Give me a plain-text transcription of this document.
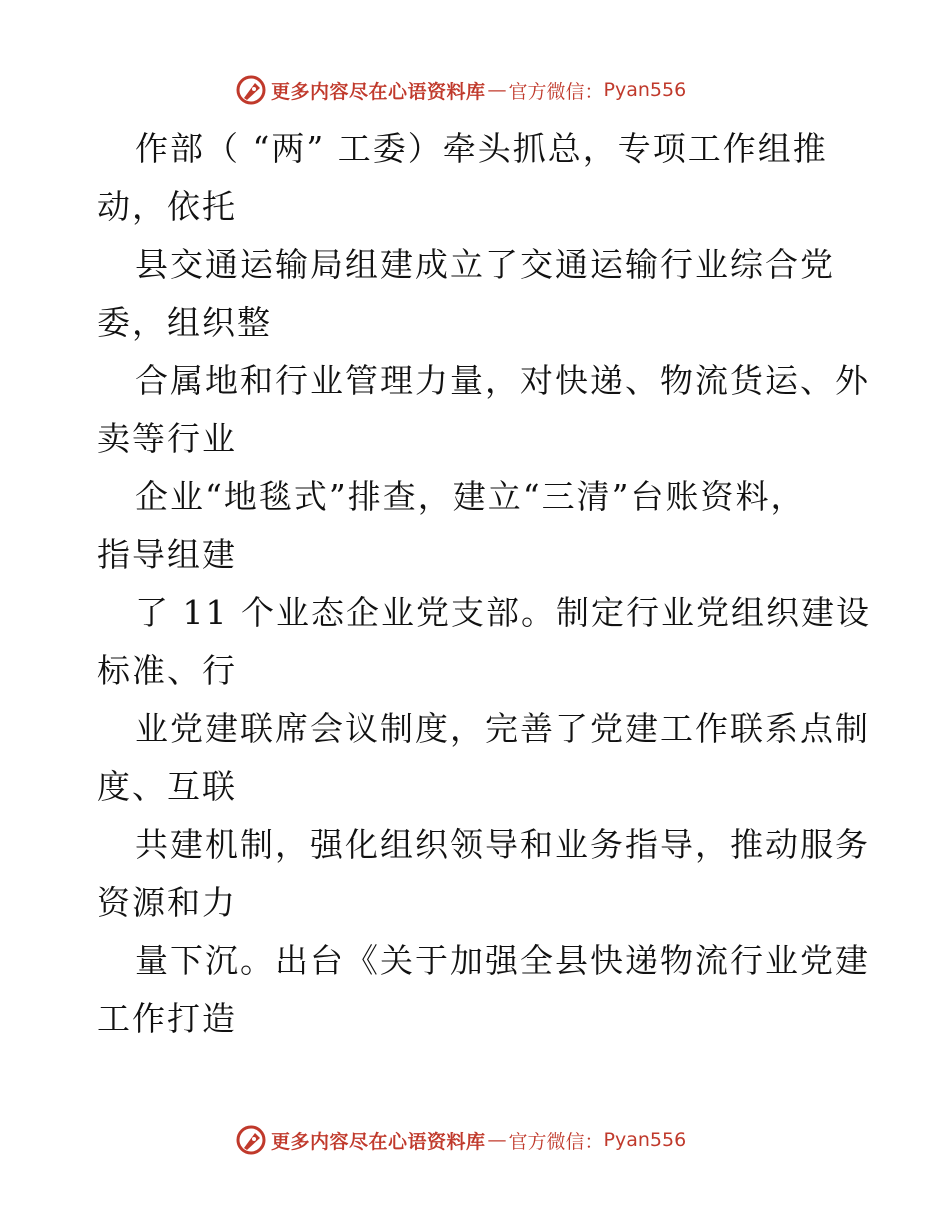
更多内容尽在心语资料库 — 官方微信： Pyan556
作部（ “两” 工委）牵头抓总，专项工作组推
动，依托
县交通运输局组建成立了交通运输行业综合党
委，组织整
合属地和行业管理力量，对快递、物流货运、外
卖等行业
企业“地毯式”排查，建立“三清”台账资料，
指导组建
了 11 个业态企业党支部。制定行业党组织建设
标准、行
业党建联席会议制度，完善了党建工作联系点制
度、互联
共建机制，强化组织领导和业务指导，推动服务
资源和力
量下沉。出台《关于加强全县快递物流行业党建
工作打造
更多内容尽在心语资料库 — 官方微信： Pyan556
